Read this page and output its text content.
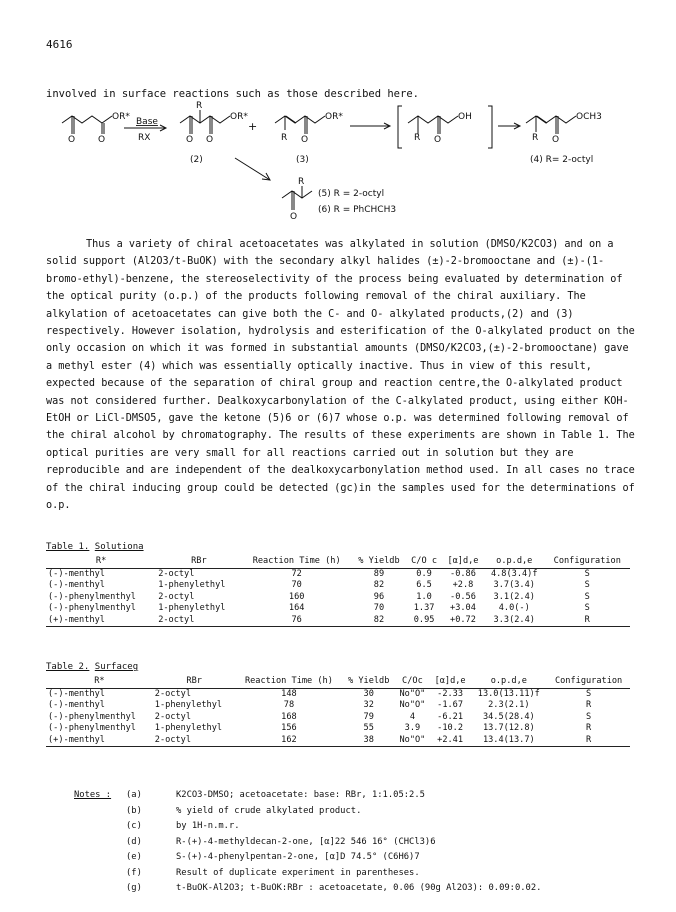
4616
involved in surface reactions such as those described here.
OR* Base
RX
R
OR*
+
OR*
R
OH
R
OCH3
R
O	O	O O	O	O	O
(2)	(3)	(4) R= 2-octyl
R
O
(5) R = 2-octyl
(6) R = PhCHCH3

Thus a variety of chiral acetoacetates was alkylated in solution (DMSO/K2CO3) and on a solid support (Al2O3/t-BuOK) with the secondary alkyl halides (±)-2-bromooctane and (±)-(1-bromo-ethyl)-benzene, the stereoselectivity of the process being evaluated by determination of the optical purity (o.p.) of the products following removal of the chiral auxiliary. The alkylation of acetoacetates can give both the C- and O- alkylated products,(2) and (3) respectively. However isolation, hydrolysis and esterification of the O-alkylated product on the only occasion on which it was formed in substantial amounts (DMSO/K2CO3,(±)-2-bromooctane) gave a methyl ester (4) which was essentially optically inactive. Thus in view of this result, expected because of the separation of chiral group and reaction centre,the O-alkylated product was not considered further. Dealkoxycarbonylation of the C-alkylated product, using either KOH-EtOH or LiCl-DMSO5, gave the ketone (5)6 or (6)7 whose o.p. was determined following removal of the chiral alcohol by chromatography. The results of these experiments are shown in Table 1. The optical purities are very small for all reactions carried out in solution but they are reproducible and are independent of the dealkoxycarbonylation method used. In all cases no trace of the chiral inducing group could be detected (gc)in the samples used for the determinations of o.p.

Table 1. Solutiona
R*	RBr	Reaction Time (h)	% Yieldb	C/O c	[α]d,e	o.p.d,e	Configuration
(-)-menthyl	2-octyl	72	89	0.9	-0.86	4.8(3.4)f	S
(-)-menthyl	1-phenylethyl	70	82	6.5	+2.8	3.7(3.4)	S
(-)-phenylmenthyl	2-octyl	160	96	1.0	-0.56	3.1(2.4)	S
(-)-phenylmenthyl	1-phenylethyl	164	70	1.37	+3.04	4.0(-)	S
(+)-menthyl	2-octyl	76	82	0.95	+0.72	3.3(2.4)	R
Table 2. Surfaceg
R*	RBr	Reaction Time (h)	% Yieldb	C/Oc	[α]d,e	o.p.d,e	Configuration
(-)-menthyl	2-octyl	148	30	No"O"	-2.33	13.0(13.11)f	S
(-)-menthyl	1-phenylethyl	78	32	No"O"	-1.67	2.3(2.1)	R
(-)-phenylmenthyl	2-octyl	168	79	4	-6.21	34.5(28.4)	S
(-)-phenylmenthyl	1-phenylethyl	156	55	3.9	-10.2	13.7(12.8)	R
(+)-menthyl	2-octyl	162	38	No"O"	+2.41	13.4(13.7)	R
Notes :	(a)	K2CO3-DMSO; acetoacetate: base: RBr, 1:1.05:2.5
(b)	% yield of crude alkylated product.
(c)	by 1H-n.m.r.
(d)	R-(+)-4-methyldecan-2-one, [α]22 546 16° (CHCl3)6
(e)	S-(+)-4-phenylpentan-2-one, [α]D 74.5° (C6H6)7
(f)	Result of duplicate experiment in parentheses.
(g)	t-BuOK-Al2O3; t-BuOK:RBr : acetoacetate, 0.06 (90g Al2O3): 0.09:0.02.
